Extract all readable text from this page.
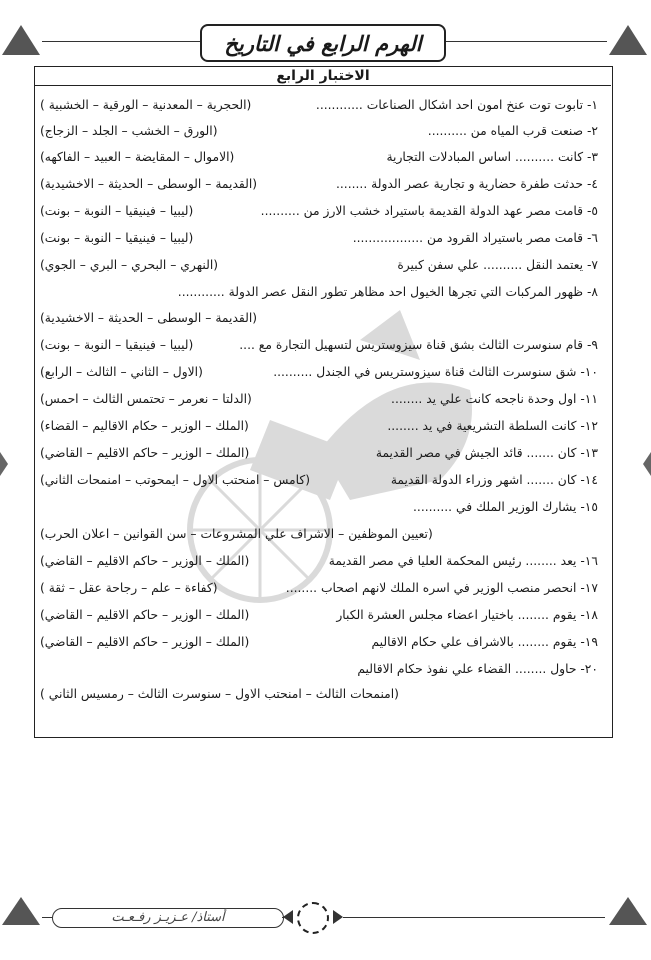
الهرم الرابع في التاريخ
الاختبار الرابع
١- تابوت توت عنخ امون احد اشكال الصناعات ............
(الحجرية – المعدنية – الورقية – الخشبية )
٢- صنعت قرب المياه من ..........
(الورق – الخشب – الجلد – الزجاج)
٣- كانت .......... اساس المبادلات التجارية
(الاموال – المقايضة – العبيد – الفاكهه)
٤- حدثت طفرة حضارية و تجارية عصر الدولة ........
(القديمة – الوسطى – الحديثة – الاخشيدية)
٥- قامت مصر عهد الدولة القديمة باستيراد خشب الارز من ..........
(ليبيا – فينيقيا – النوبة – بونت)
٦- قامت مصر باستيراد القرود من ..................
(ليبيا – فينيقيا – النوبة – بونت)
٧- يعتمد النقل .......... علي سفن كبيرة
(النهري – البحري – البري – الجوي)
٨- ظهور المركبات التي تجرها الخيول احد مظاهر تطور النقل عصر الدولة ............
(القديمة – الوسطى – الحديثة – الاخشيدية)
٩- قام سنوسرت الثالث بشق قناة سيزوستريس لتسهيل التجارة مع ....
(ليبيا – فينيقيا – النوبة – بونت)
١٠- شق سنوسرت الثالث قناة سيزوستريس في الجندل ..........
(الاول – الثاني – الثالث – الرابع)
١١- اول وحدة ناجحه كانت علي يد ........
(الدلتا – نعرمر – تحتمس الثالث – احمس)
١٢- كانت السلطة التشريعية في يد ........
(الملك – الوزير – حكام الاقاليم – القضاء)
١٣- كان ....... قائد الجيش في مصر القديمة
(الملك – الوزير – حاكم الاقليم – القاضي)
١٤- كان ....... اشهر وزراء الدولة القديمة
(كامس – امنحتب الاول – ايمحوتب – امنمحات الثاني)
١٥- يشارك الوزير الملك في ..........
(تعيين الموظفين – الاشراف علي المشروعات – سن القوانين – اعلان الحرب)
١٦- يعد ........ رئيس المحكمة العليا في مصر القديمة
(الملك – الوزير – حاكم الاقليم – القاضي)
١٧- انحصر منصب الوزير في اسره الملك لانهم اصحاب ........
(كفاءة – علم – رجاحة عقل – ثقة )
١٨- يقوم ........ باختيار اعضاء مجلس العشرة الكبار
(الملك – الوزير – حاكم الاقليم – القاضي)
١٩- يقوم ........ بالاشراف علي حكام الاقاليم
(الملك – الوزير – حاكم الاقليم – القاضي)
٢٠- حاول ........ القضاء علي نفوذ حكام الاقاليم
(امنمحات الثالث – امنحتب الاول – سنوسرت الثالث – رمسيس الثاني )
أستاذ/ عـزيـز رفـعـت
